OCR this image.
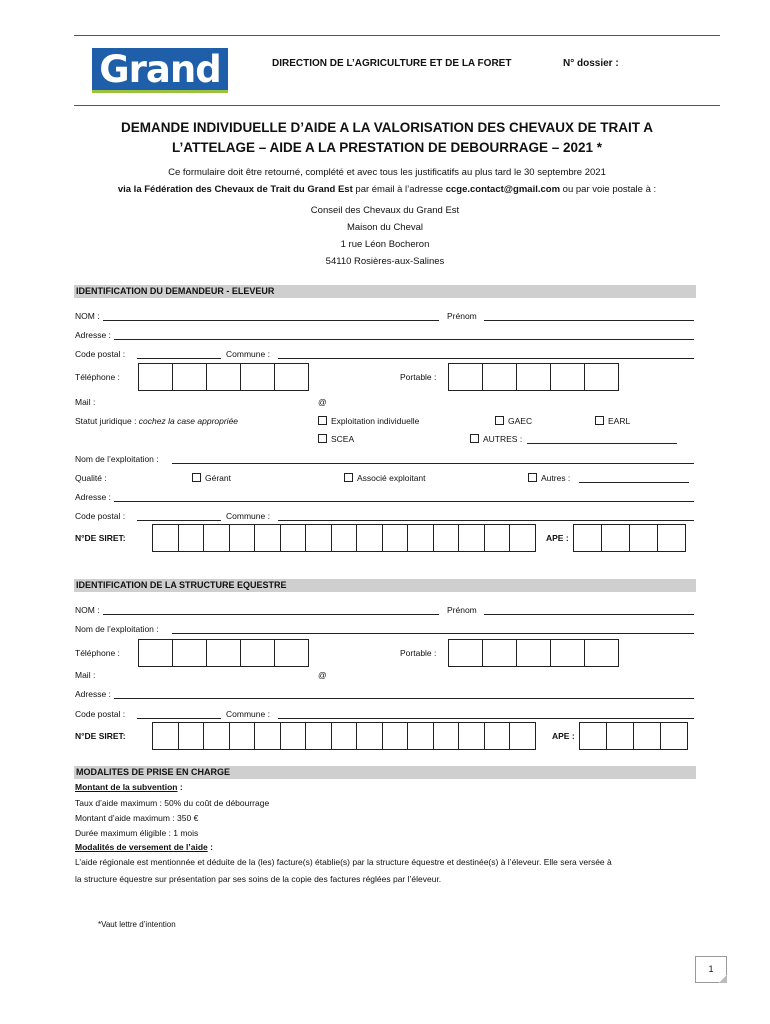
Grand	DIRECTION DE L’AGRICULTURE ET DE LA FORET	N° dossier :
DEMANDE INDIVIDUELLE D’AIDE A LA VALORISATION DES CHEVAUX DE TRAIT A
L’ATTELAGE – AIDE A LA PRESTATION DE DEBOURRAGE – 2021 *
Ce formulaire doit être retourné, complété et avec tous les justificatifs au plus tard le 30 septembre 2021
via la Fédération des Chevaux de Trait du Grand Est par émail à l’adresse ccge.contact@gmail.com ou par voie postale à :
Conseil des Chevaux du Grand Est
Maison du Cheval
1 rue Léon Bocheron
54110 Rosières-aux-Salines
IDENTIFICATION DU DEMANDEUR - ELEVEUR
NOM :	Prénom
Adresse :
Code postal :	Commune :
Téléphone :	Portable :
Mail :	@
Statut juridique : cochez la case appropriée	Exploitation individuelle	GAEC	EARL
SCEA	AUTRES :
Nom de l’exploitation :
Qualité :	Gérant	Associé exploitant	Autres :
Adresse :
Code postal :	Commune :
N°DE SIRET:	APE :
IDENTIFICATION DE LA STRUCTURE EQUESTRE
NOM :	Prénom
Nom de l’exploitation :
Téléphone :	Portable :
Mail :	@
Adresse :
Code postal :	Commune :
N°DE SIRET:	APE :
MODALITES DE PRISE EN CHARGE
Montant de la subvention :
Taux d’aide maximum : 50% du coût de débourrage
Montant d’aide maximum : 350 €
Durée maximum éligible : 1 mois
Modalités de versement de l’aide :
L’aide régionale est mentionnée et déduite de la (les) facture(s) établie(s) par la structure équestre et destinée(s) à l’éleveur. Elle sera versée à
la structure équestre sur présentation par ses soins de la copie des factures réglées par l’éleveur.
*Vaut lettre d’intention
1
